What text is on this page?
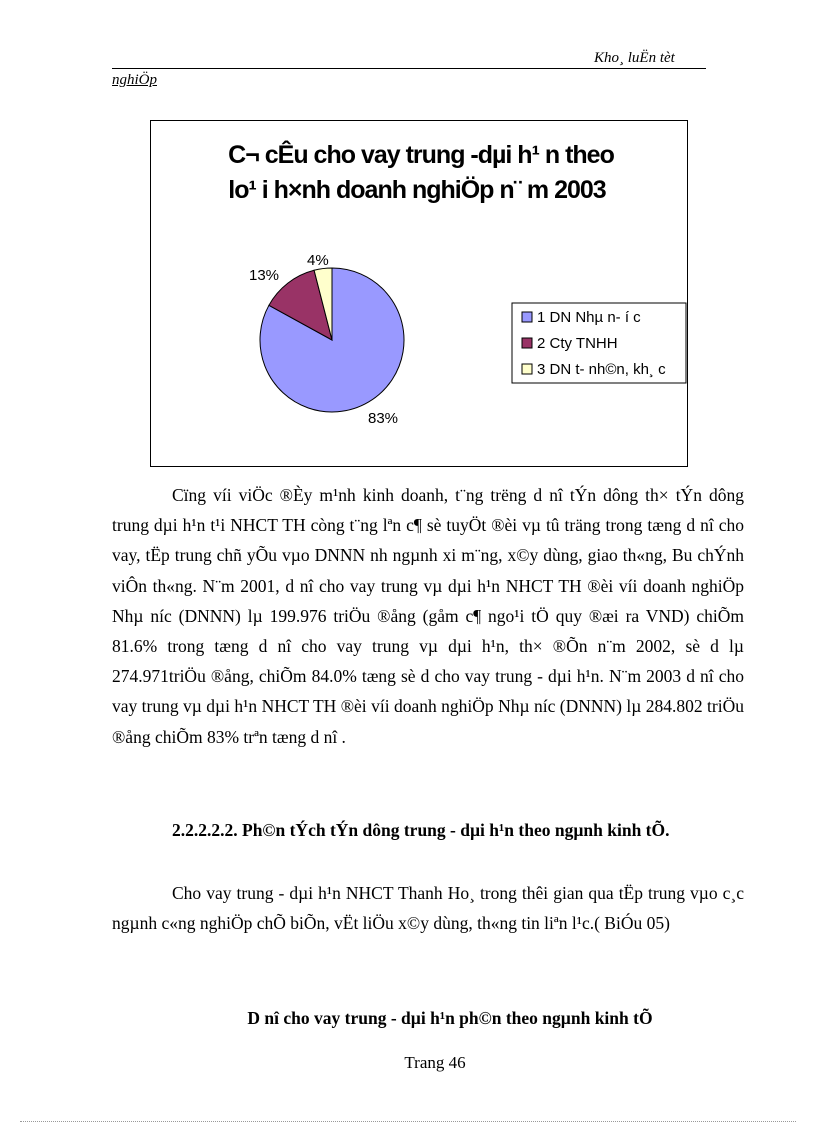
Kho¸ luËn tèt
nghiÖp
C¬ cÊu cho vay trung -dµi h¹ n theo
lo¹ i h×nh doanh nghiÖp n¨ m 2003
83%
13%
4%
1 DN Nhµ n- í c
2 Cty TNHH
3 DN t- nh©n, kh¸ c

Cïng víi viÖc ®Èy m¹nh kinh doanh, t¨ng trëng d nî tÝn dông th× tÝn dông trung dµi h¹n t¹i NHCT TH còng t¨ng lªn c¶ sè tuyÖt ®èi vµ tû träng trong tæng d nî cho vay, tËp trung chñ yÕu vµo DNNN nh ngµnh xi m¨ng, x©y dùng, giao th«ng, Bu chÝnh viÔn th«ng. N¨m 2001, d nî cho vay trung vµ dµi h¹n NHCT TH ®èi víi doanh nghiÖp Nhµ níc (DNNN) lµ 199.976 triÖu ®ång (gåm c¶ ngo¹i tÖ quy ®æi ra VND) chiÕm 81.6% trong tæng d nî cho vay trung vµ dµi h¹n, th× ®Õn n¨m 2002, sè d lµ 274.971triÖu ®ång, chiÕm 84.0% tæng sè d cho vay trung - dµi h¹n. N¨m 2003 d nî cho vay trung vµ dµi h¹n NHCT TH ®èi víi doanh nghiÖp Nhµ níc (DNNN) lµ 284.802 triÖu ®ång chiÕm 83% trªn tæng d nî .

2.2.2.2.2. Ph©n tÝch tÝn dông trung - dµi h¹n theo ngµnh kinh tÕ.

Cho vay trung - dµi h¹n NHCT Thanh Ho¸ trong thêi gian qua tËp trung vµo c¸c ngµnh c«ng nghiÖp chÕ biÕn, vËt liÖu x©y dùng, th«ng tin liªn l¹c.( BiÓu 05)

D nî cho vay trung - dµi h¹n ph©n theo ngµnh kinh tÕ

Trang 46
